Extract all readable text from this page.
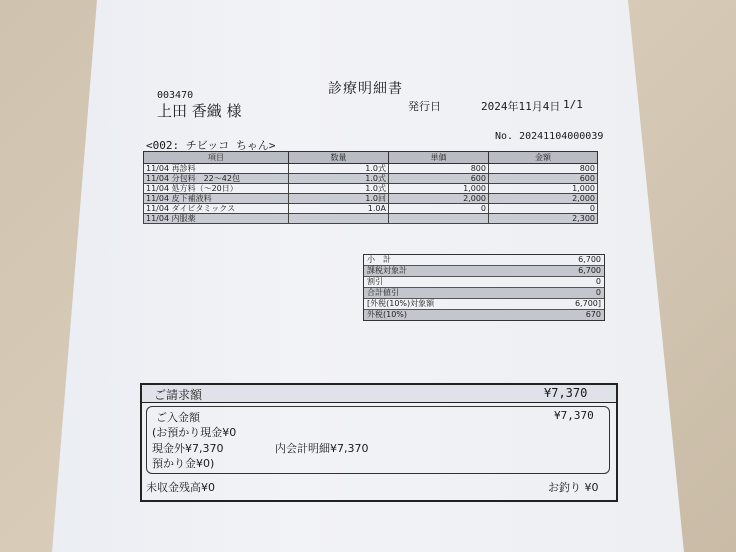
診療明細書
003470
上田 香織 様	発行日	2024年11月4日 1/1
No. 20241104000039
<002: チビッコ ちゃん>
項目	数量	単価	金額
11/04 再診料	1.0式	800	800
11/04 分包料　22～42包	1.0式	600	600
11/04 処方料（～20日）	1.0式	1,000	1,000
11/04 皮下補液料	1.0回	2,000	2,000
11/04 ダイビタミックス	1.0A	0	0
11/04 内服薬			2,300
小　計	6,700
課税対象計	6,700
割引	0
合計値引	0
[外税(10%)対象額	6,700]
外税(10%)	670
ご請求額	¥7,370
ご入金額	¥7,370
(お預かり現金¥0
現金外¥7,370	内会計明細¥7,370
預かり金¥0)
未収金残高¥0	お釣り ¥0
